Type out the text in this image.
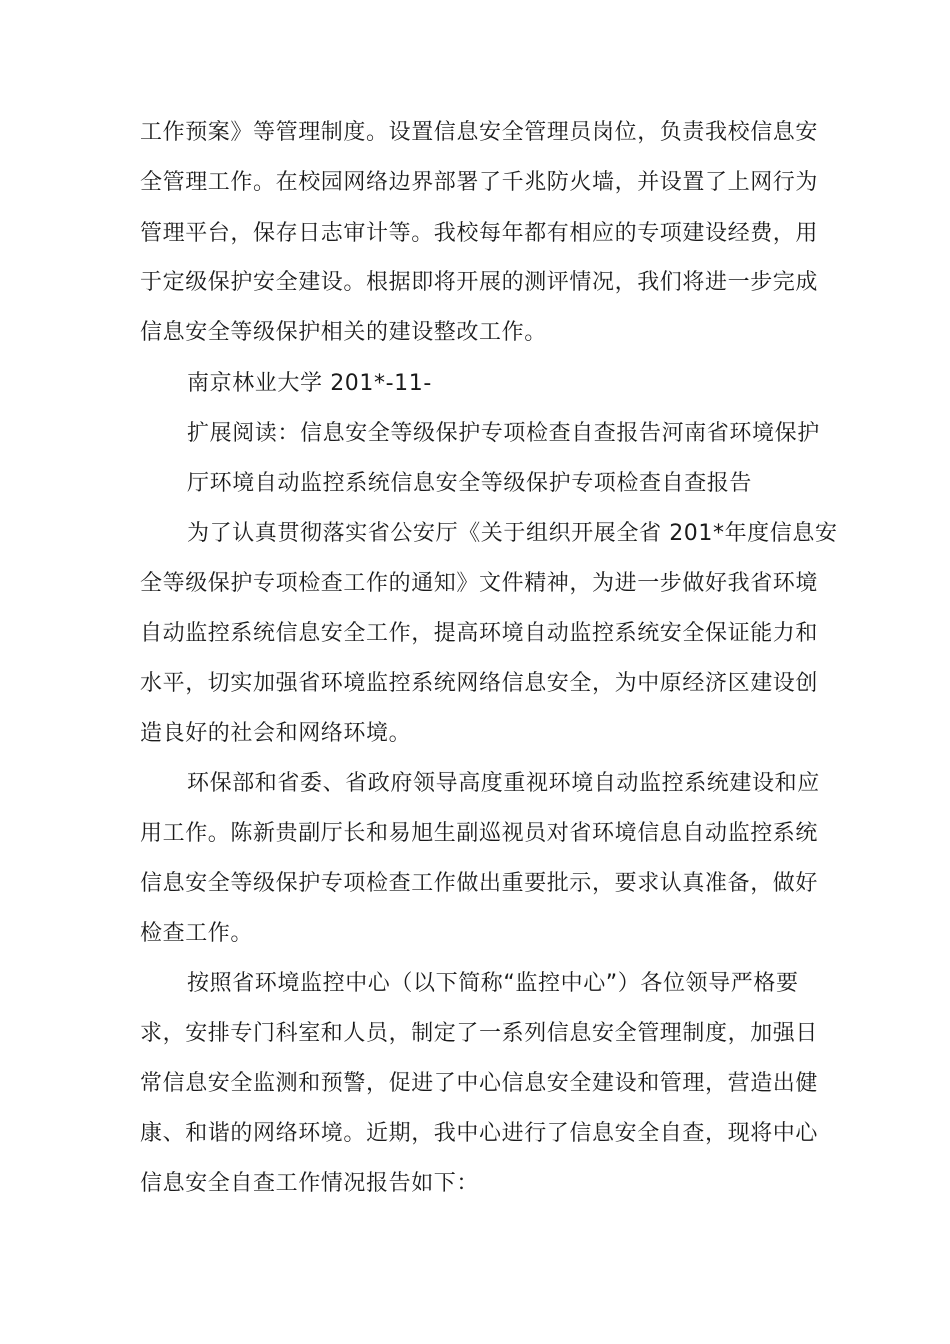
工作预案》等管理制度。设置信息安全管理员岗位，负责我校信息安
全管理工作。在校园网络边界部署了千兆防火墙，并设置了上网行为
管理平台，保存日志审计等。我校每年都有相应的专项建设经费，用
于定级保护安全建设。根据即将开展的测评情况，我们将进一步完成
信息安全等级保护相关的建设整改工作。
南京林业大学 201*-11-
扩展阅读：信息安全等级保护专项检查自查报告河南省环境保护
厅环境自动监控系统信息安全等级保护专项检查自查报告
为了认真贯彻落实省公安厅《关于组织开展全省 201*年度信息安
全等级保护专项检查工作的通知》文件精神，为进一步做好我省环境
自动监控系统信息安全工作，提高环境自动监控系统安全保证能力和
水平，切实加强省环境监控系统网络信息安全，为中原经济区建设创
造良好的社会和网络环境。
环保部和省委、省政府领导高度重视环境自动监控系统建设和应
用工作。陈新贵副厅长和易旭生副巡视员对省环境信息自动监控系统
信息安全等级保护专项检查工作做出重要批示，要求认真准备，做好
检查工作。
按照省环境监控中心（以下简称“监控中心”）各位领导严格要
求，安排专门科室和人员，制定了一系列信息安全管理制度，加强日
常信息安全监测和预警，促进了中心信息安全建设和管理，营造出健
康、和谐的网络环境。近期，我中心进行了信息安全自查，现将中心
信息安全自查工作情况报告如下：
